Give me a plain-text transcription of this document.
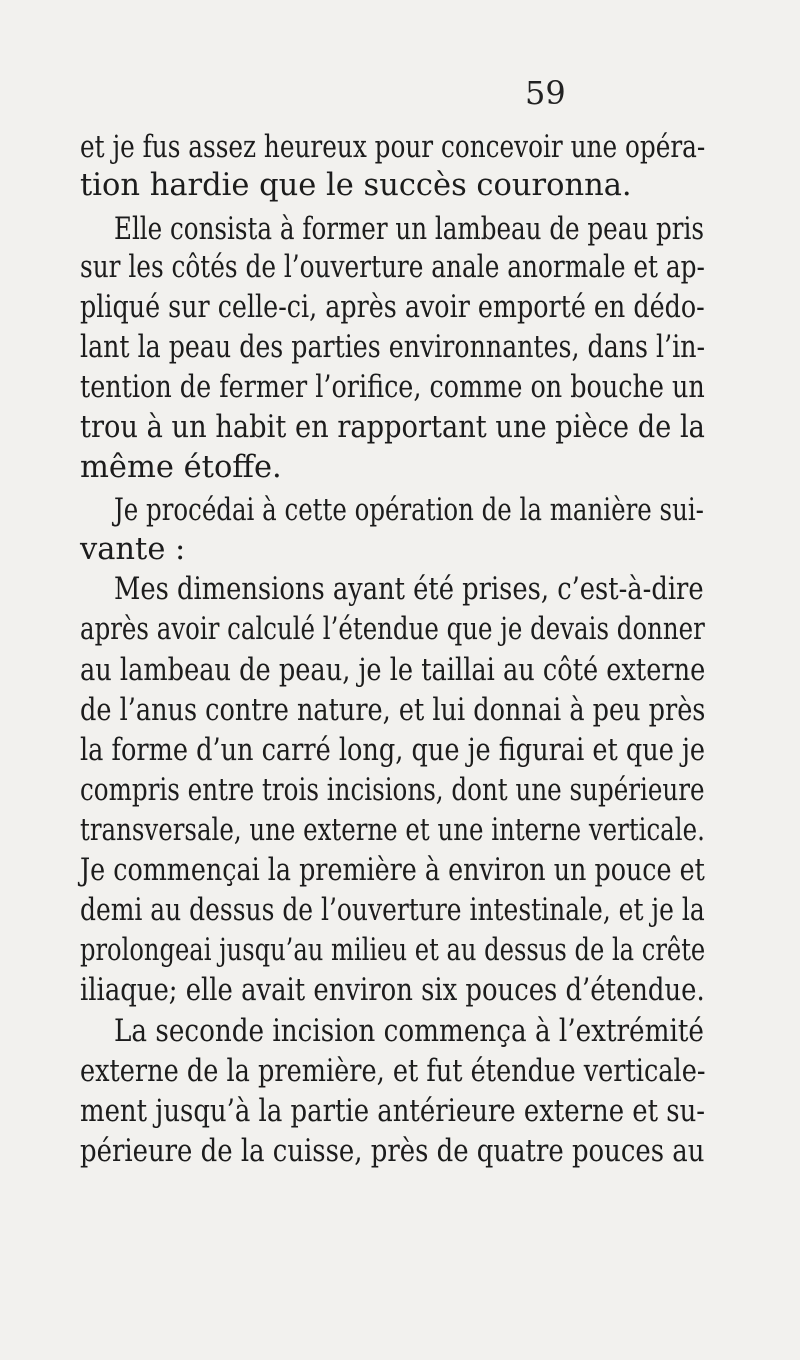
59
et je fus assez heureux pour concevoir une opéra-
tion hardie que le succès couronna.
Elle consista à former un lambeau de peau pris
sur les côtés de l’ouverture anale anormale et ap-
pliqué sur celle-ci, après avoir emporté en dédo-
lant la peau des parties environnantes, dans l’in-
tention de fermer l’orifice, comme on bouche un
trou à un habit en rapportant une pièce de la
même étoffe.
Je procédai à cette opération de la manière sui-
vante :
Mes dimensions ayant été prises, c’est-à-dire
après avoir calculé l’étendue que je devais donner
au lambeau de peau, je le taillai au côté externe
de l’anus contre nature, et lui donnai à peu près
la forme d’un carré long, que je figurai et que je
compris entre trois incisions, dont une supérieure
transversale, une externe et une interne verticale.
Je commençai la première à environ un pouce et
demi au dessus de l’ouverture intestinale, et je la
prolongeai jusqu’au milieu et au dessus de la crête
iliaque; elle avait environ six pouces d’étendue.
La seconde incision commença à l’extrémité
externe de la première, et fut étendue verticale-
ment jusqu’à la partie antérieure externe et su-
périeure de la cuisse, près de quatre pouces au
